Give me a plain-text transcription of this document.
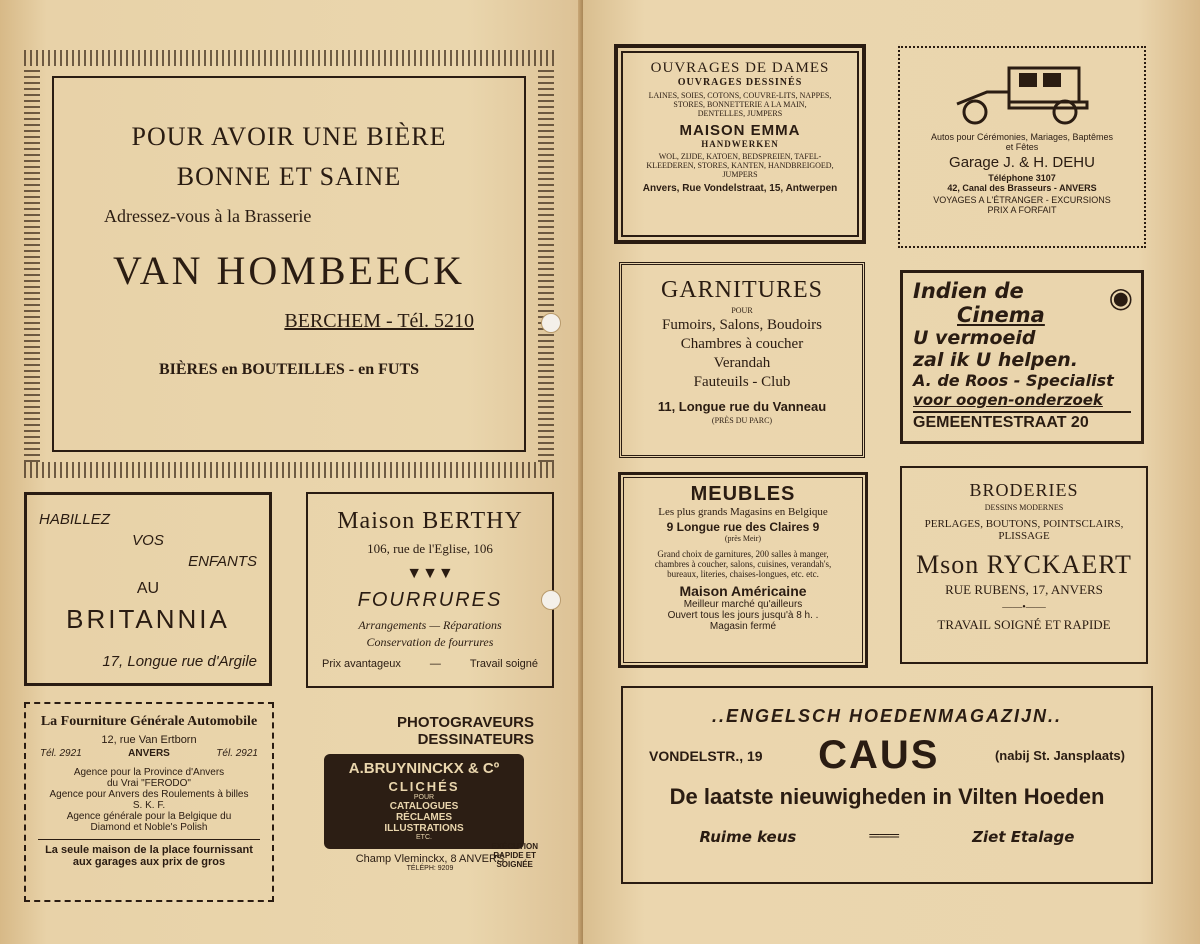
POUR AVOIR UNE BIÈRE
BONNE ET SAINE
Adressez-vous à la Brasserie
VAN HOMBEECK
BERCHEM - Tél. 5210
BIÈRES en BOUTEILLES - en FUTS
HABILLEZ
VOS
ENFANTS
AU
BRITANNIA
17, Longue rue d'Argile
Maison BERTHY
106, rue de l'Eglise, 106
▼▼▼
FOURRURES
Arrangements — Réparations
Conservation de fourrures
Prix avantageux	—	Travail soigné
La Fourniture Générale Automobile
12, rue Van Ertborn
Tél. 2921	ANVERS	Tél. 2921
Agence pour la Province d'Anvers
du Vrai "FERODO"
Agence pour Anvers des Roulements à billes
S. K. F.
Agence générale pour la Belgique du
Diamond et Noble's Polish
La seule maison de la place fournissant
aux garages aux prix de gros
PHOTOGRAVEURS
DESSINATEURS
A.BRUYNINCKX & Cº
CLICHÉS
POUR
CATALOGUES
RÉCLAMES
ILLUSTRATIONS
ETC.
EXÉCUTION
RAPIDE ET
SOIGNÉE
Champ Vleminckx, 8 ANVERS
TÉLÉPH: 9209
OUVRAGES DE DAMES
OUVRAGES DESSINÉS
LAINES, SOIES, COTONS, COUVRE-LITS, NAPPES,
STORES, BONNETTERIE A LA MAIN,
DENTELLES, JUMPERS
MAISON EMMA
HANDWERKEN
WOL, ZIJDE, KATOEN, BEDSPREIEN, TAFEL-
KLEEDEREN, STORES, KANTEN, HANDBREIGOED,
JUMPERS
Anvers, Rue Vondelstraat, 15, Antwerpen
Autos pour Cérémonies, Mariages, Baptêmes
et Fêtes
Garage J. & H. DEHU
Téléphone 3107
42, Canal des Brasseurs - ANVERS
VOYAGES A L'ÉTRANGER - EXCURSIONS
PRIX A FORFAIT
GARNITURES
POUR
Fumoirs, Salons, Boudoirs
Chambres à coucher
Verandah
Fauteuils - Club
11, Longue rue du Vanneau
(PRÈS DU PARC)
Indien de
Cinema
U vermoeid
zal ik U helpen.
A. de Roos - Specialist
voor oogen-onderzoek
GEMEENTESTRAAT 20
◉
MEUBLES
Les plus grands Magasins en Belgique
9 Longue rue des Claires 9
(près Meir)
Grand choix de garnitures, 200 salles à manger,
chambres à coucher, salons, cuisines, verandah's,
bureaux, literies, chaises-longues, etc. etc.
Maison Américaine
Meilleur marché qu'ailleurs
Ouvert tous les jours jusqu'à 8 h. .
Magasin fermé
BRODERIES
DESSINS MODERNES
PERLAGES, BOUTONS, POINTSCLAIRS,
PLISSAGE
Mson RYCKAERT
RUE RUBENS, 17, ANVERS
——•——
TRAVAIL SOIGNÉ ET RAPIDE
..ENGELSCH HOEDENMAGAZIJN..
VONDELSTR., 19 CAUS	(nabij St. Jansplaats)
De laatste nieuwigheden in Vilten Hoeden
Ruime keus	═══	Ziet Etalage
